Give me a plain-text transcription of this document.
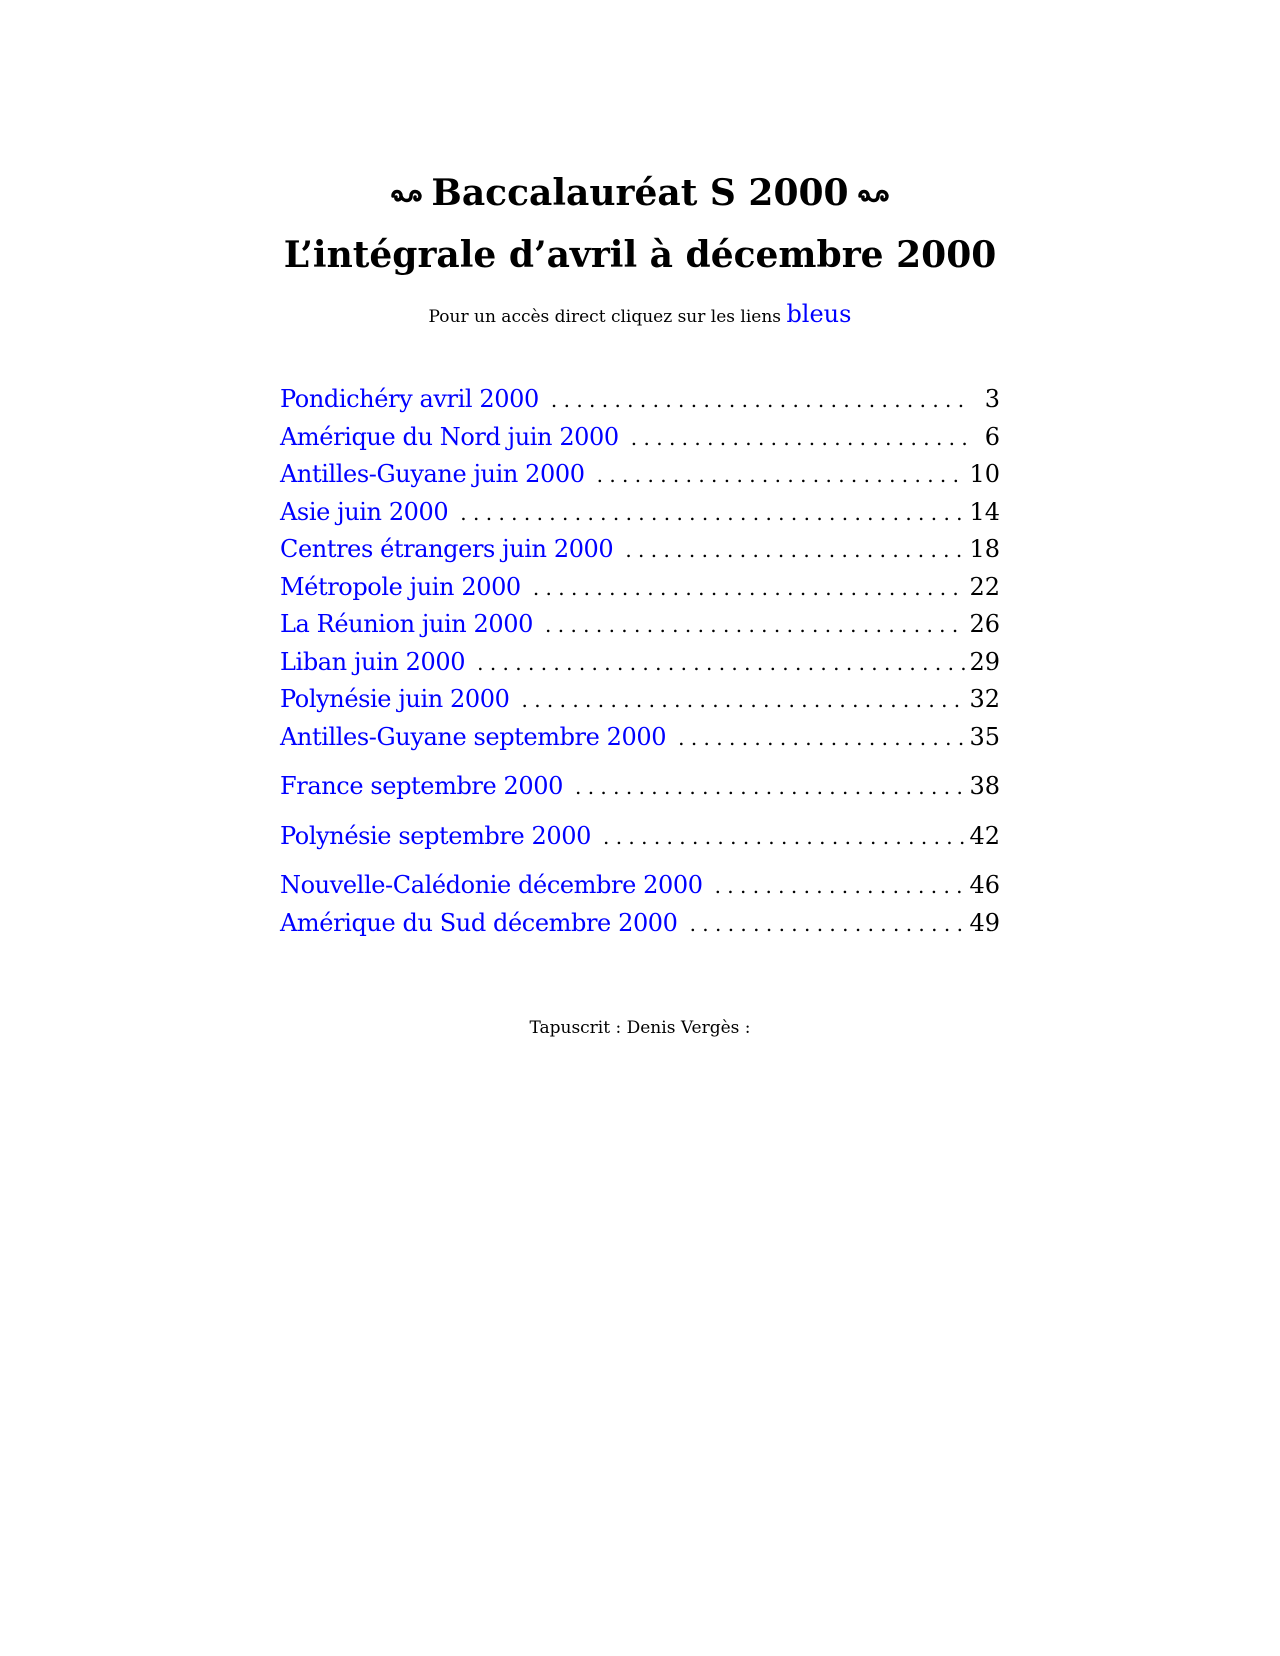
Baccalauréat S 2000
L’intégrale d’avril à décembre 2000
Pour un accès direct cliquez sur les liens bleus
Pondichéry avril 2000 . . .	3
Amérique du Nord juin 2000 . . .	6
Antilles-Guyane juin 2000 . . .	10
Asie juin 2000 . . .	14
Centres étrangers juin 2000 . . .	18
Métropole juin 2000 . . .	22
La Réunion juin 2000 . . .	26
Liban juin 2000 . . .	29
Polynésie juin 2000 . . .	32
Antilles-Guyane septembre 2000 . . .	35
France septembre 2000 . . .	38
Polynésie septembre 2000 . . .	42
Nouvelle-Calédonie décembre 2000 . . .	46
Amérique du Sud décembre 2000 . . .	49
Tapuscrit : Denis Vergès :
